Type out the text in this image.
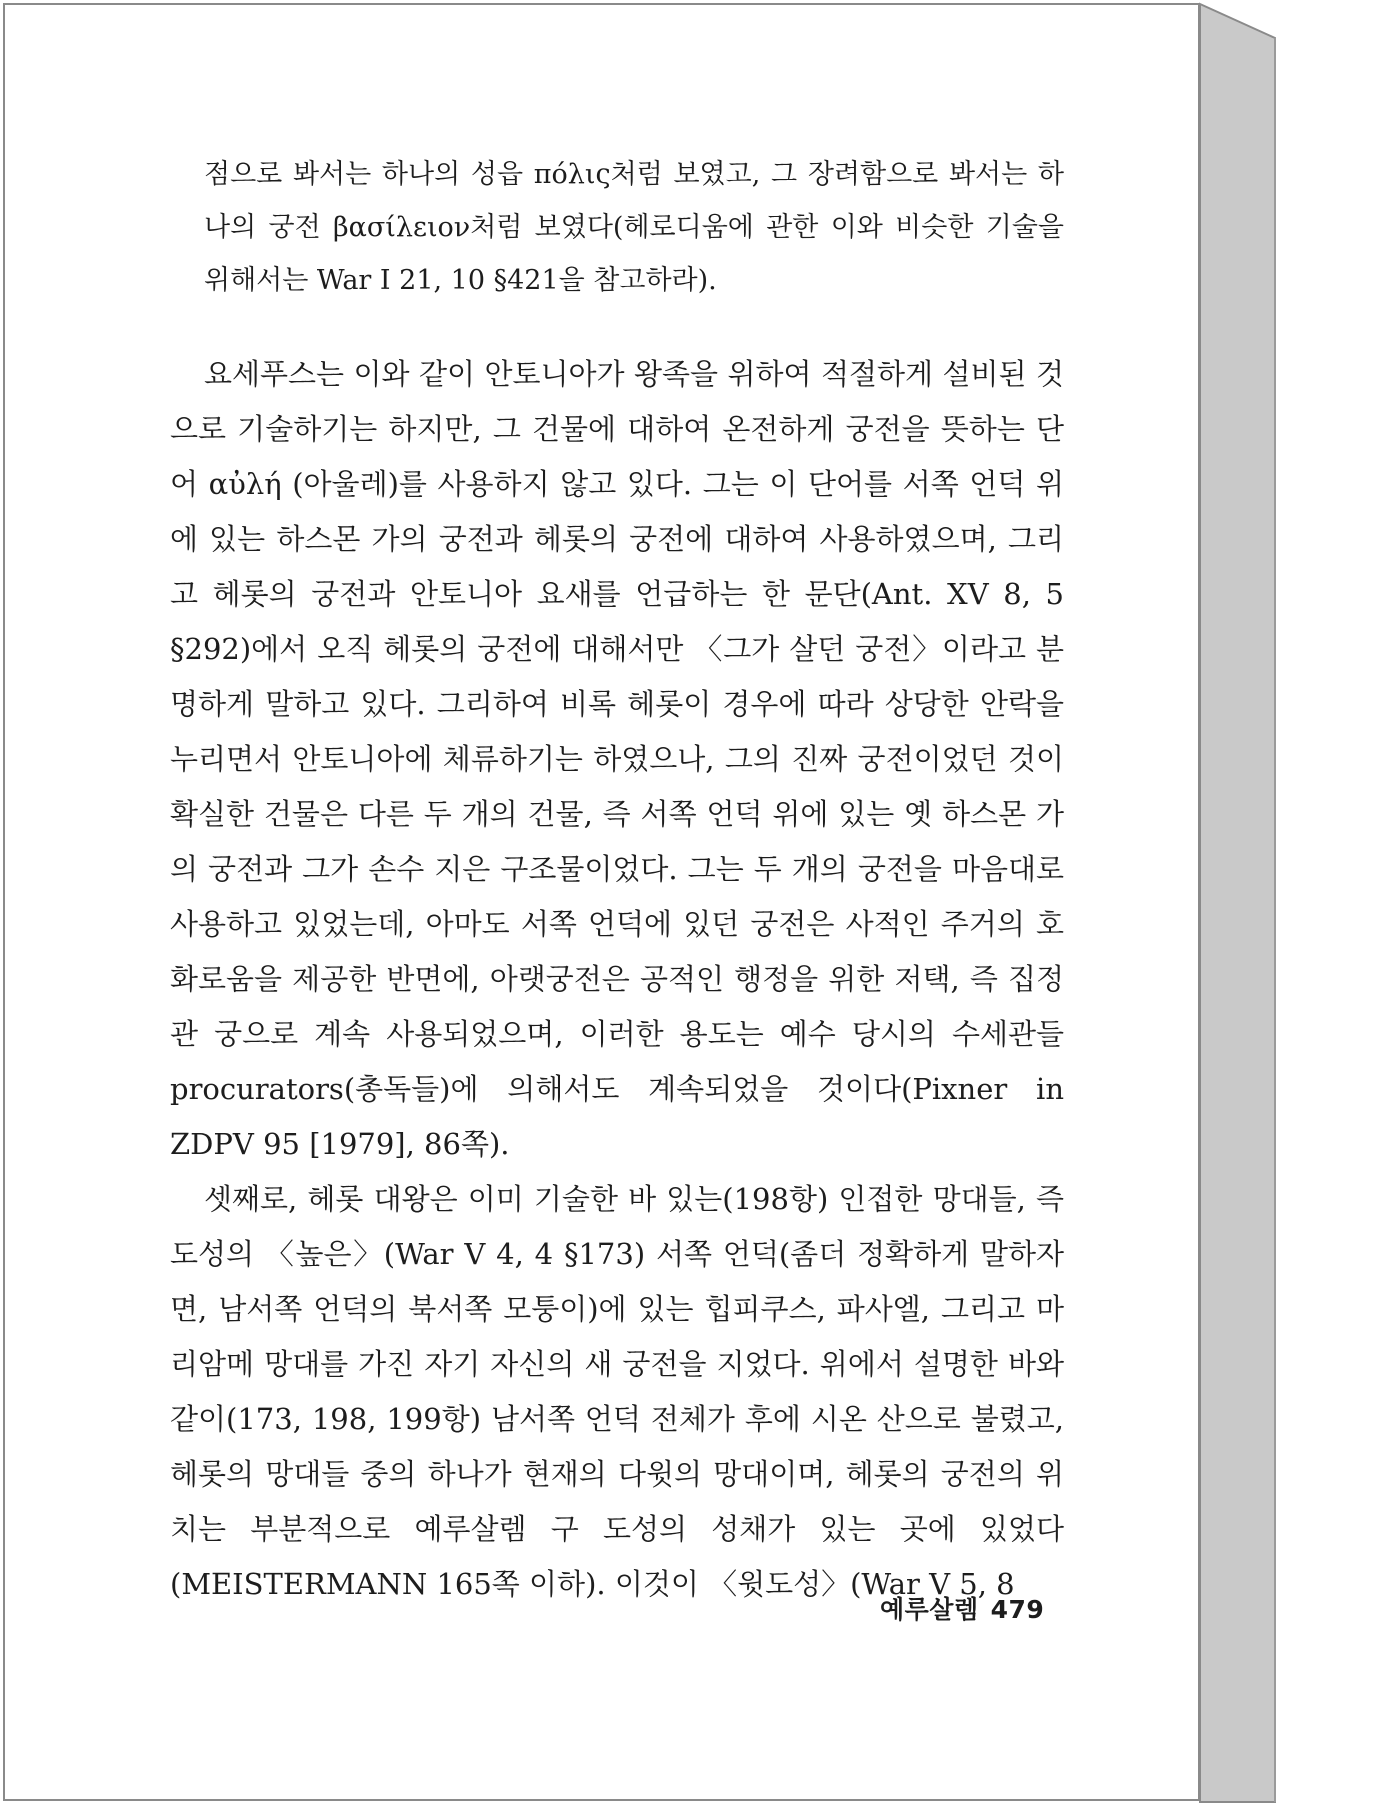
점으로 봐서는 하나의 성읍 πόλις처럼 보였고, 그 장려함으로 봐서는 하나의 궁전 βασίλειον처럼 보였다(헤로디움에 관한 이와 비슷한 기술을 위해서는 War I 21, 10 §421을 참고하라).

요세푸스는 이와 같이 안토니아가 왕족을 위하여 적절하게 설비된 것으로 기술하기는 하지만, 그 건물에 대하여 온전하게 궁전을 뜻하는 단어 αὐλή (아울레)를 사용하지 않고 있다. 그는 이 단어를 서쪽 언덕 위에 있는 하스몬 가의 궁전과 헤롯의 궁전에 대하여 사용하였으며, 그리고 헤롯의 궁전과 안토니아 요새를 언급하는 한 문단(Ant. XV 8, 5 §292)에서 오직 헤롯의 궁전에 대해서만 〈그가 살던 궁전〉이라고 분명하게 말하고 있다. 그리하여 비록 헤롯이 경우에 따라 상당한 안락을 누리면서 안토니아에 체류하기는 하였으나, 그의 진짜 궁전이었던 것이 확실한 건물은 다른 두 개의 건물, 즉 서쪽 언덕 위에 있는 옛 하스몬 가의 궁전과 그가 손수 지은 구조물이었다. 그는 두 개의 궁전을 마음대로 사용하고 있었는데, 아마도 서쪽 언덕에 있던 궁전은 사적인 주거의 호화로움을 제공한 반면에, 아랫궁전은 공적인 행정을 위한 저택, 즉 집정관 궁으로 계속 사용되었으며, 이러한 용도는 예수 당시의 수세관들 procurators(총독들)에 의해서도 계속되었을 것이다(Pixner in ZDPV 95 [1979], 86쪽).

셋째로, 헤롯 대왕은 이미 기술한 바 있는(198항) 인접한 망대들, 즉 도성의 〈높은〉(War V 4, 4 §173) 서쪽 언덕(좀더 정확하게 말하자면, 남서쪽 언덕의 북서쪽 모퉁이)에 있는 힙피쿠스, 파사엘, 그리고 마리암메 망대를 가진 자기 자신의 새 궁전을 지었다. 위에서 설명한 바와 같이(173, 198, 199항) 남서쪽 언덕 전체가 후에 시온 산으로 불렸고, 헤롯의 망대들 중의 하나가 현재의 다윗의 망대이며, 헤롯의 궁전의 위치는 부분적으로 예루살렘 구 도성의 성채가 있는 곳에 있었다(MEISTERMANN 165쪽 이하). 이것이 〈윗도성〉(War V 5, 8

예루살렘 479
